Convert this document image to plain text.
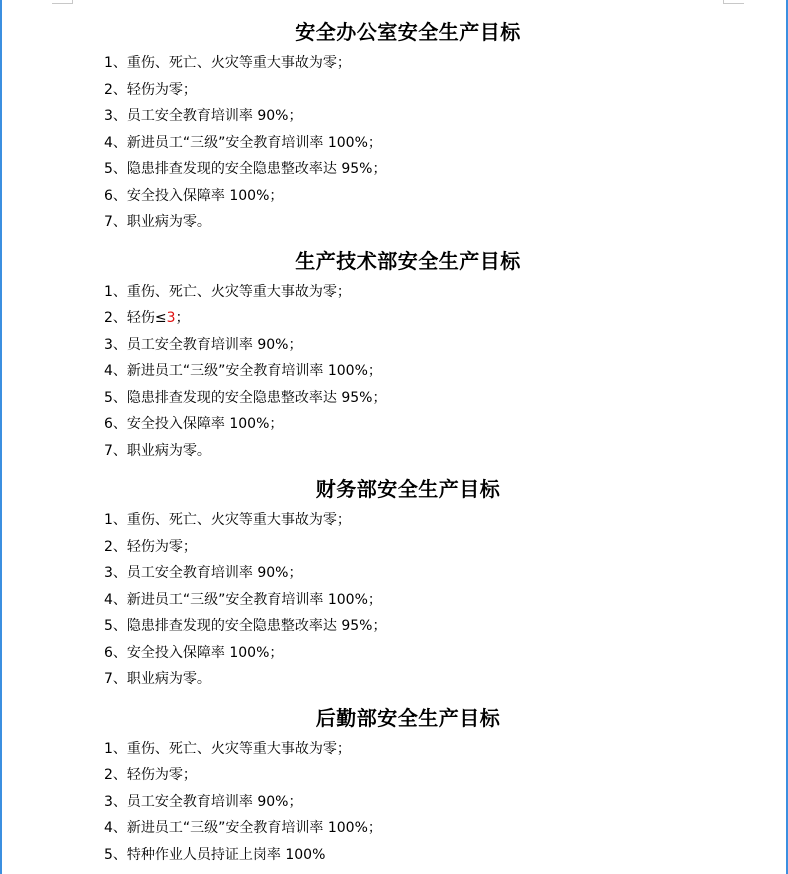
安全办公室安全生产目标
1、重伤、死亡、火灾等重大事故为零；
2、轻伤为零；
3、员工安全教育培训率 90%；
4、新进员工“三级”安全教育培训率 100%；
5、隐患排查发现的安全隐患整改率达 95%；
6、安全投入保障率 100%；
7、职业病为零。
生产技术部安全生产目标
1、重伤、死亡、火灾等重大事故为零；
2、轻伤≤3；
3、员工安全教育培训率 90%；
4、新进员工“三级”安全教育培训率 100%；
5、隐患排查发现的安全隐患整改率达 95%；
6、安全投入保障率 100%；
7、职业病为零。
财务部安全生产目标
1、重伤、死亡、火灾等重大事故为零；
2、轻伤为零；
3、员工安全教育培训率 90%；
4、新进员工“三级”安全教育培训率 100%；
5、隐患排查发现的安全隐患整改率达 95%；
6、安全投入保障率 100%；
7、职业病为零。
后勤部安全生产目标
1、重伤、死亡、火灾等重大事故为零；
2、轻伤为零；
3、员工安全教育培训率 90%；
4、新进员工“三级”安全教育培训率 100%；
5、特种作业人员持证上岗率 100%
